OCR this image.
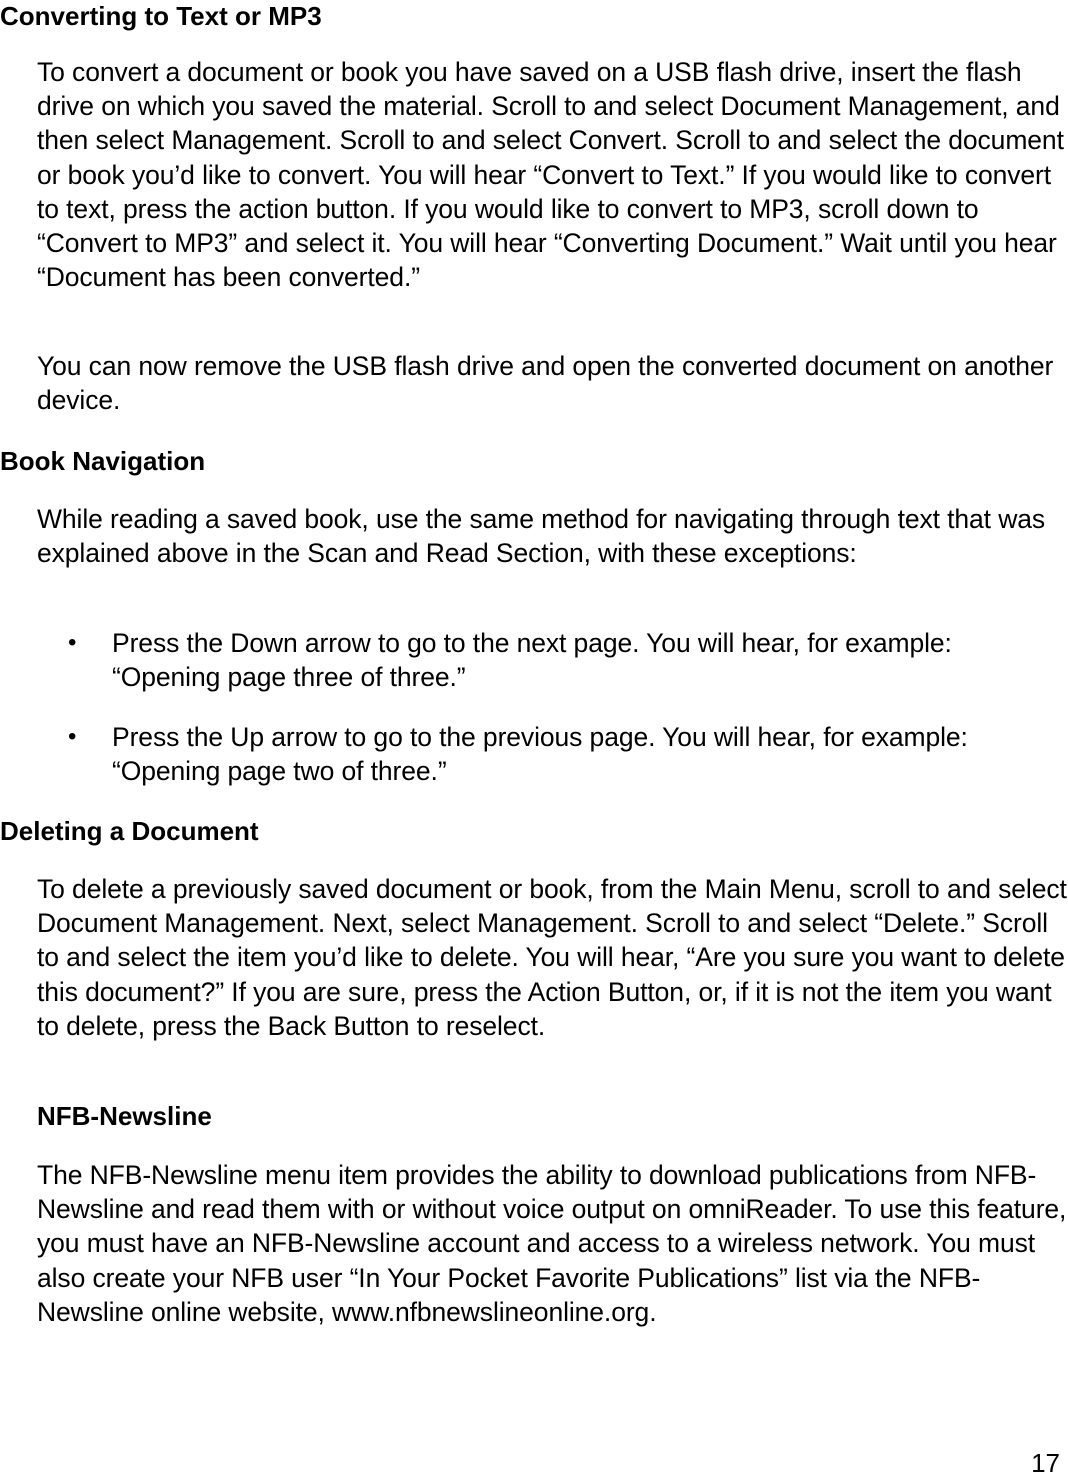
Converting to Text or MP3

To convert a document or book you have saved on a USB flash drive, insert the flash drive on which you saved the material. Scroll to and select Document Management, and then select Management. Scroll to and select Convert. Scroll to and select the document or book you’d like to convert. You will hear “Convert to Text.” If you would like to convert to text, press the action button. If you would like to convert to MP3, scroll down to “Convert to MP3” and select it. You will hear “Converting Document.” Wait until you hear “Document has been converted.”

You can now remove the USB flash drive and open the converted document on another device.

Book Navigation

While reading a saved book, use the same method for navigating through text that was explained above in the Scan and Read Section, with these exceptions:

• Press the Down arrow to go to the next page. You will hear, for example: “Opening page three of three.”

• Press the Up arrow to go to the previous page. You will hear, for example: “Opening page two of three.”

Deleting a Document

To delete a previously saved document or book, from the Main Menu, scroll to and select Document Management. Next, select Management. Scroll to and select “Delete.” Scroll to and select the item you’d like to delete. You will hear, “Are you sure you want to delete this document?” If you are sure, press the Action Button, or, if it is not the item you want to delete, press the Back Button to reselect.

NFB-Newsline

The NFB-Newsline menu item provides the ability to download publications from NFB-Newsline and read them with or without voice output on omniReader. To use this feature, you must have an NFB-Newsline account and access to a wireless network. You must also create your NFB user “In Your Pocket Favorite Publications” list via the NFB-Newsline online website, www.nfbnewslineonline.org.

17
